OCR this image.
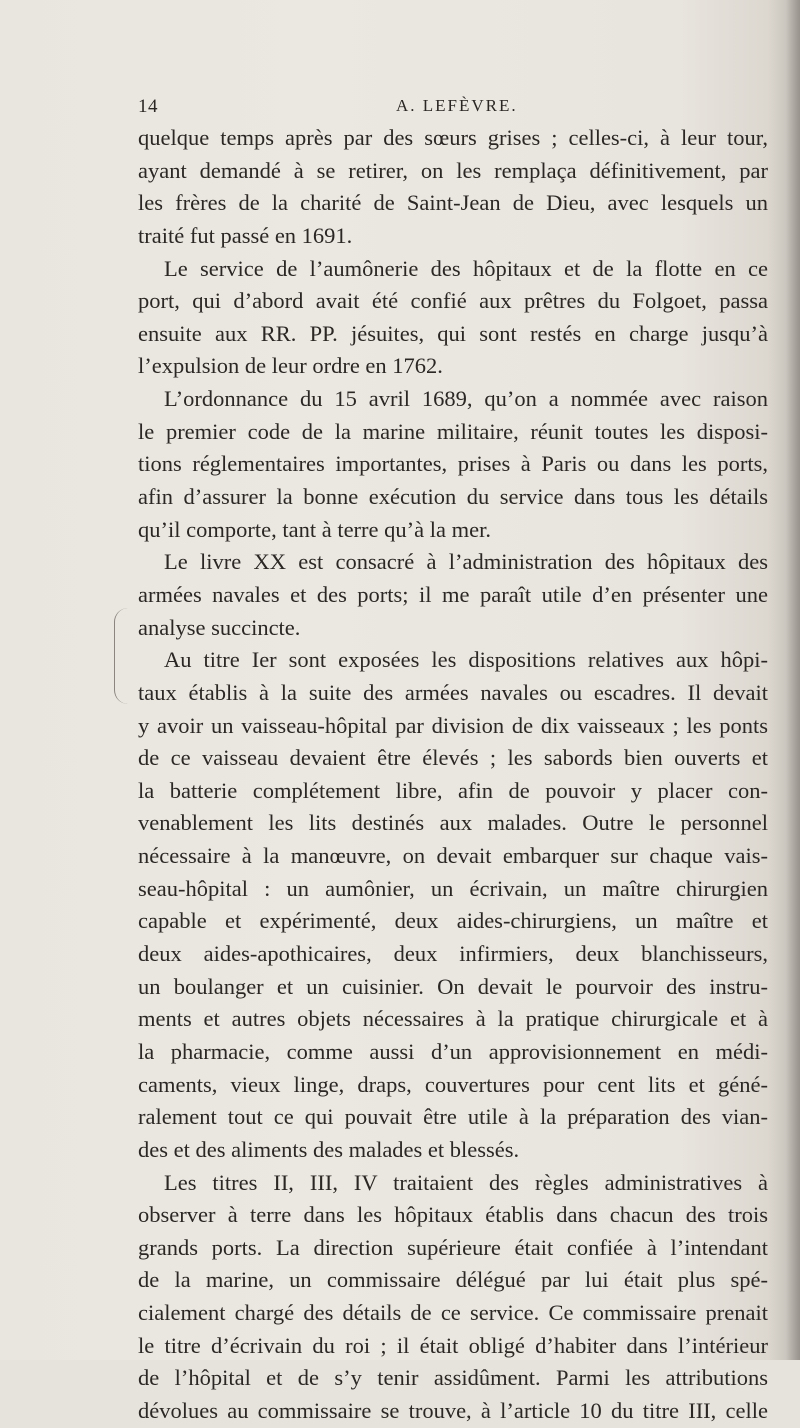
14	A. LEFÈVRE.
quelque temps après par des sœurs grises ; celles-ci, à leur tour,
ayant demandé à se retirer, on les remplaça définitivement, par
les frères de la charité de Saint-Jean de Dieu, avec lesquels un
traité fut passé en 1691.
Le service de l’aumônerie des hôpitaux et de la flotte en ce
port, qui d’abord avait été confié aux prêtres du Folgoet, passa
ensuite aux RR. PP. jésuites, qui sont restés en charge jusqu’à
l’expulsion de leur ordre en 1762.
L’ordonnance du 15 avril 1689, qu’on a nommée avec raison
le premier code de la marine militaire, réunit toutes les disposi-
tions réglementaires importantes, prises à Paris ou dans les ports,
afin d’assurer la bonne exécution du service dans tous les détails
qu’il comporte, tant à terre qu’à la mer.
Le livre XX est consacré à l’administration des hôpitaux des
armées navales et des ports; il me paraît utile d’en présenter une
analyse succincte.
Au titre Ier sont exposées les dispositions relatives aux hôpi-
taux établis à la suite des armées navales ou escadres. Il devait
y avoir un vaisseau-hôpital par division de dix vaisseaux ; les ponts
de ce vaisseau devaient être élevés ; les sabords bien ouverts et
la batterie complétement libre, afin de pouvoir y placer con-
venablement les lits destinés aux malades. Outre le personnel
nécessaire à la manœuvre, on devait embarquer sur chaque vais-
seau-hôpital : un aumônier, un écrivain, un maître chirurgien
capable et expérimenté, deux aides-chirurgiens, un maître et
deux aides-apothicaires, deux infirmiers, deux blanchisseurs,
un boulanger et un cuisinier. On devait le pourvoir des instru-
ments et autres objets nécessaires à la pratique chirurgicale et à
la pharmacie, comme aussi d’un approvisionnement en médi-
caments, vieux linge, draps, couvertures pour cent lits et géné-
ralement tout ce qui pouvait être utile à la préparation des vian-
des et des aliments des malades et blessés.
Les titres II, III, IV traitaient des règles administratives à
observer à terre dans les hôpitaux établis dans chacun des trois
grands ports. La direction supérieure était confiée à l’intendant
de la marine, un commissaire délégué par lui était plus spé-
cialement chargé des détails de ce service. Ce commissaire prenait
le titre d’écrivain du roi ; il était obligé d’habiter dans l’intérieur
de l’hôpital et de s’y tenir assidûment. Parmi les attributions
dévolues au commissaire se trouve, à l’article 10 du titre III, celle
